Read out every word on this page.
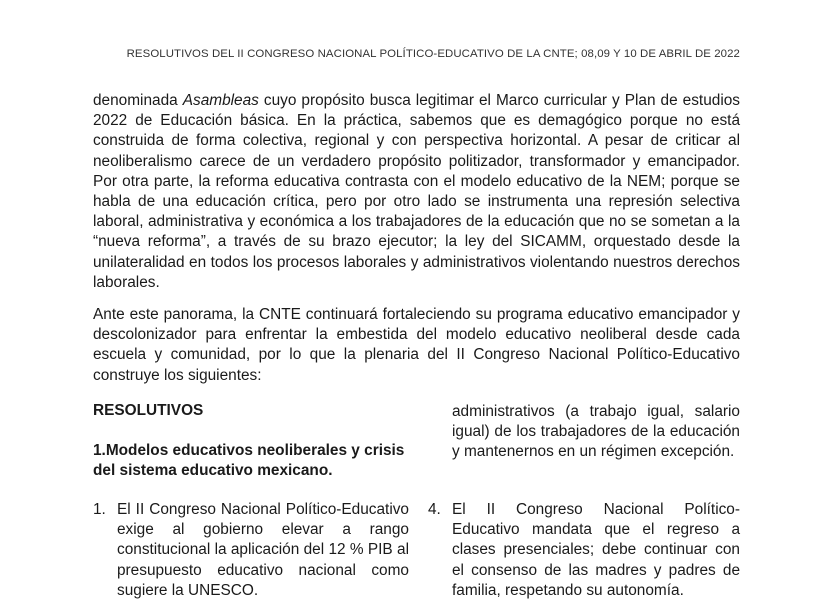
RESOLUTIVOS DEL II CONGRESO NACIONAL POLÍTICO-EDUCATIVO DE LA CNTE; 08,09 Y 10 DE ABRIL DE 2022

denominada Asambleas cuyo propósito busca legitimar el Marco curricular y Plan de estudios 2022 de Educación básica. En la práctica, sabemos que es demagógico porque no está construida de forma colectiva, regional y con perspectiva horizontal. A pesar de criticar al neoliberalismo carece de un verdadero propósito politizador, transformador y emancipador. Por otra parte, la reforma educativa contrasta con el modelo educativo de la NEM; porque se habla de una educación crítica, pero por otro lado se instrumenta una represión selectiva laboral, administrativa y económica a los trabajadores de la educación que no se sometan a la “nueva reforma”, a través de su brazo ejecutor; la ley del SICAMM, orquestado desde la unilateralidad en todos los procesos laborales y administrativos violentando nuestros derechos laborales.

Ante este panorama, la CNTE continuará fortaleciendo su programa educativo emancipador y descolonizador para enfrentar la embestida del modelo educativo neoliberal desde cada escuela y comunidad, por lo que la plenaria del II Congreso Nacional Político-Educativo construye los siguientes:

RESOLUTIVOS

1.Modelos educativos neoliberales y crisis del sistema educativo mexicano.

administrativos (a trabajo igual, salario igual) de los trabajadores de la educación y mantenernos en un régimen excepción.

1. El II Congreso Nacional Político-Educativo exige al gobierno elevar a rango constitucional la aplicación del 12 % PIB al presupuesto educativo nacional como sugiere la UNESCO.
4. El II Congreso Nacional Político-Educativo mandata que el regreso a clases presenciales; debe continuar con el consenso de las madres y padres de familia, respetando su autonomía.
